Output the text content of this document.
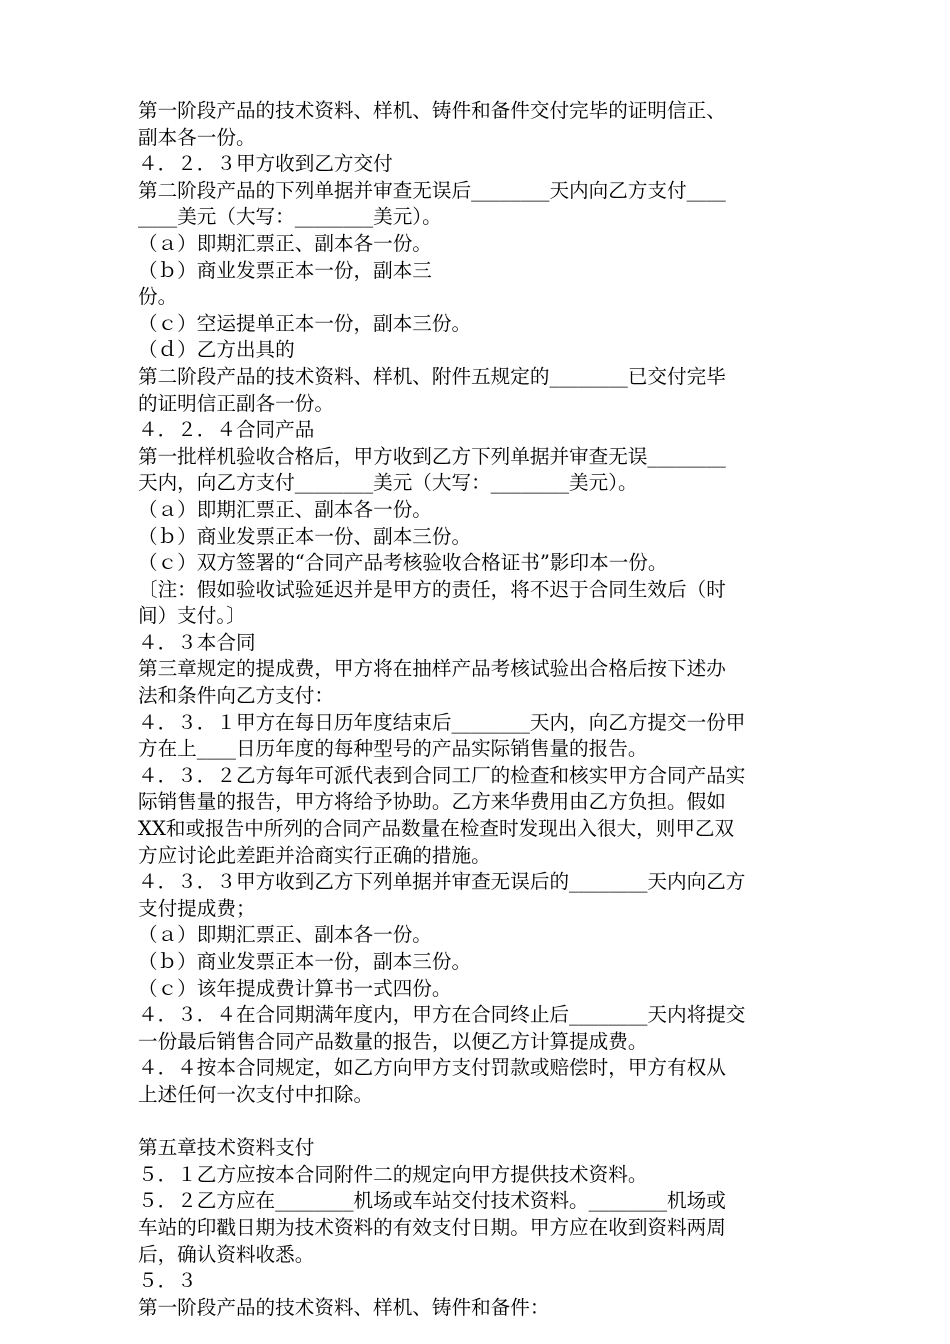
第一阶段产品的技术资料、样机、铸件和备件交付完毕的证明信正、
副本各一份。
４．２．３甲方收到乙方交付
第二阶段产品的下列单据并审查无误后________天内向乙方支付____
____美元（大写：________美元）。
（ａ）即期汇票正、副本各一份。
（ｂ）商业发票正本一份，副本三
份。
（ｃ）空运提单正本一份，副本三份。
（ｄ）乙方出具的
第二阶段产品的技术资料、样机、附件五规定的________已交付完毕
的证明信正副各一份。
４．２．４合同产品
第一批样机验收合格后，甲方收到乙方下列单据并审查无误________
天内，向乙方支付________美元（大写：________美元）。
（ａ）即期汇票正、副本各一份。
（ｂ）商业发票正本一份、副本三份。
（ｃ）双方签署的“合同产品考核验收合格证书”影印本一份。
〔注：假如验收试验延迟并是甲方的责任，将不迟于合同生效后（时
间）支付。〕
４．３本合同
第三章规定的提成费，甲方将在抽样产品考核试验出合格后按下述办
法和条件向乙方支付：
４．３．１甲方在每日历年度结束后________天内，向乙方提交一份甲
方在上____日历年度的每种型号的产品实际销售量的报告。
４．３．２乙方每年可派代表到合同工厂的检查和核实甲方合同产品实
际销售量的报告，甲方将给予协助。乙方来华费用由乙方负担。假如
XX和或报告中所列的合同产品数量在检查时发现出入很大，则甲乙双
方应讨论此差距并洽商实行正确的措施。
４．３．３甲方收到乙方下列单据并审查无误后的________天内向乙方
支付提成费；
（ａ）即期汇票正、副本各一份。
（ｂ）商业发票正本一份，副本三份。
（ｃ）该年提成费计算书一式四份。
４．３．４在合同期满年度内，甲方在合同终止后________天内将提交
一份最后销售合同产品数量的报告，以便乙方计算提成费。
４．４按本合同规定，如乙方向甲方支付罚款或赔偿时，甲方有权从
上述任何一次支付中扣除。
第五章技术资料支付
５．１乙方应按本合同附件二的规定向甲方提供技术资料。
５．２乙方应在________机场或车站交付技术资料。________机场或
车站的印戳日期为技术资料的有效支付日期。甲方应在收到资料两周
后，确认资料收悉。
５．３
第一阶段产品的技术资料、样机、铸件和备件：
